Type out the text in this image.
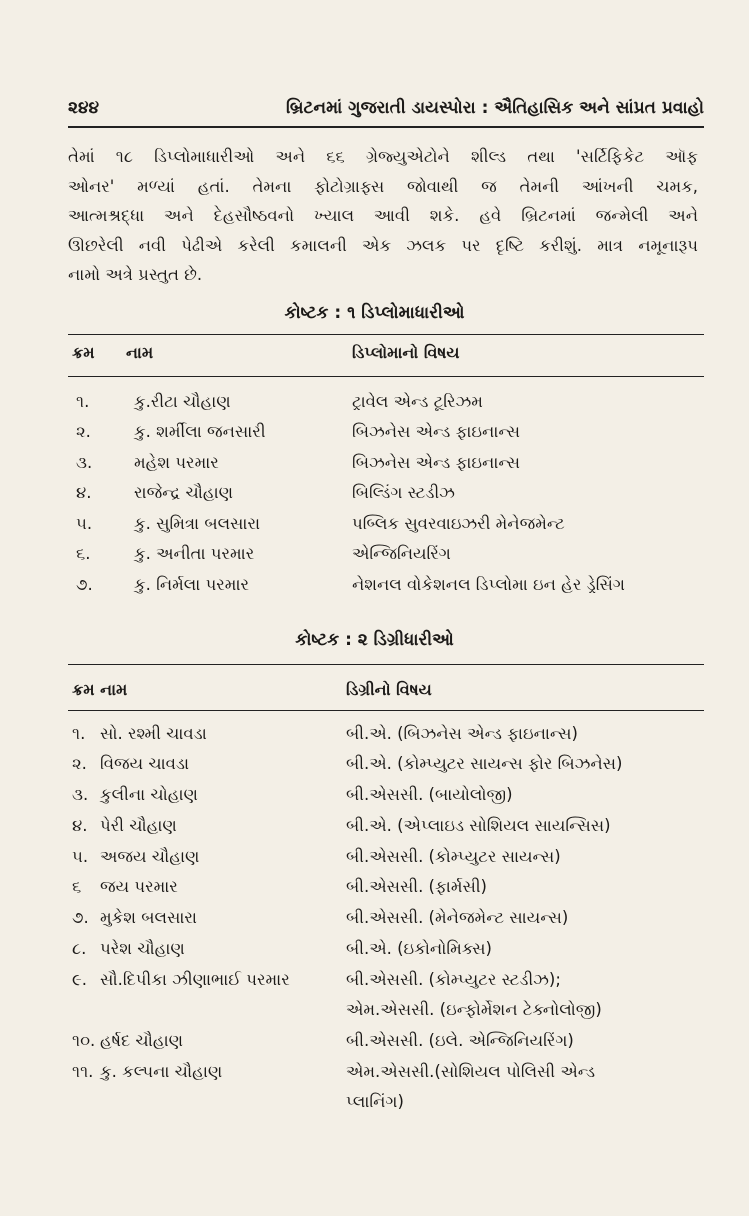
૨૪૪	બ્રિટનમાં ગુજરાતી ડાયસ્પોરા : ઐતિહાસિક અને સાંપ્રત પ્રવાહો
તેમાં ૧૮ ડિપ્લોમાધારીઓ અને ૬૬ ગ્રેજ્યુએટોને શીલ્ડ તથા 'સર્ટિફિકેટ ઑફ
ઓનર' મળ્યાં હતાં. તેમના ફોટોગ્રાફ્સ જોવાથી જ તેમની આંખની ચમક,
આત્મશ્રદ્ધા અને દેહસૌષ્ઠવનો ખ્યાલ આવી શકે. હવે બ્રિટનમાં જન્મેલી અને
ઊછરેલી નવી પેઢીએ કરેલી કમાલની એક ઝલક પર દૃષ્ટિ કરીશું. માત્ર નમૂનારૂપ
નામો અત્રે પ્રસ્તુત છે.
કોષ્ટક : ૧ ડિપ્લોમાધારીઓ
ક્રમ નામ	ડિપ્લોમાનો વિષય
૧.	કુ.રીટા ચૌહાણ	ટ્રાવેલ એન્ડ ટૂરિઝમ
૨.	કુ. શર્મીલા જનસારી	બિઝનેસ એન્ડ ફાઇનાન્સ
૩.	મહેશ પરમાર	બિઝનેસ એન્ડ ફાઇનાન્સ
૪.	રાજેન્દ્ર ચૌહાણ	બિલ્ડિંગ સ્ટડીઝ
૫.	કુ. સુમિત્રા બલસારા	પબ્લિક સુવરવાઇઝરી મેનેજમેન્ટ
૬.	કુ. અનીતા પરમાર	એન્જિનિયરિંગ
૭.	કુ. નિર્મલા પરમાર	નેશનલ વોકેશનલ ડિપ્લોમા ઇન હેર ડ્રેસિંગ
કોષ્ટક : ૨ ડિગ્રીધારીઓ
ક્રમ નામ	ડિગ્રીનો વિષય
૧. સો. રશ્મી ચાવડા	બી.એ. (બિઝનેસ એન્ડ ફાઇનાન્સ)
૨. વિજય ચાવડા	બી.એ. (કોમ્પ્યુટર સાયન્સ ફોર બિઝનેસ)
૩. કુલીના ચોહાણ	બી.એસસી. (બાયોલોજી)
૪. પેરી ચૌહાણ	બી.એ. (એપ્લાઇડ સોશિયલ સાયન્સિસ)
૫. અજય ચૌહાણ	બી.એસસી. (કોમ્પ્યુટર સાયન્સ)
૬ જય પરમાર	બી.એસસી. (ફાર્મસી)
૭. મુકેશ બલસારા	બી.એસસી. (મેનેજમેન્ટ સાયન્સ)
૮. પરેશ ચૌહાણ	બી.એ. (ઇકોનોમિક્સ)
૯. સૌ.દિપીકા ઝીણાભાઈ પરમાર	બી.એસસી. (કોમ્પ્યુટર સ્ટડીઝ);
એમ.એસસી. (ઇન્ફોર્મેશન ટેક્નોલોજી)
૧૦. હર્ષદ ચૌહાણ	બી.એસસી. (ઇલે. એન્જિનિયરિંગ)
૧૧. કુ. કલ્પના ચૌહાણ	એમ.એસસી.(સોશિયલ પોલિસી એન્ડ
પ્લાનિંગ)
